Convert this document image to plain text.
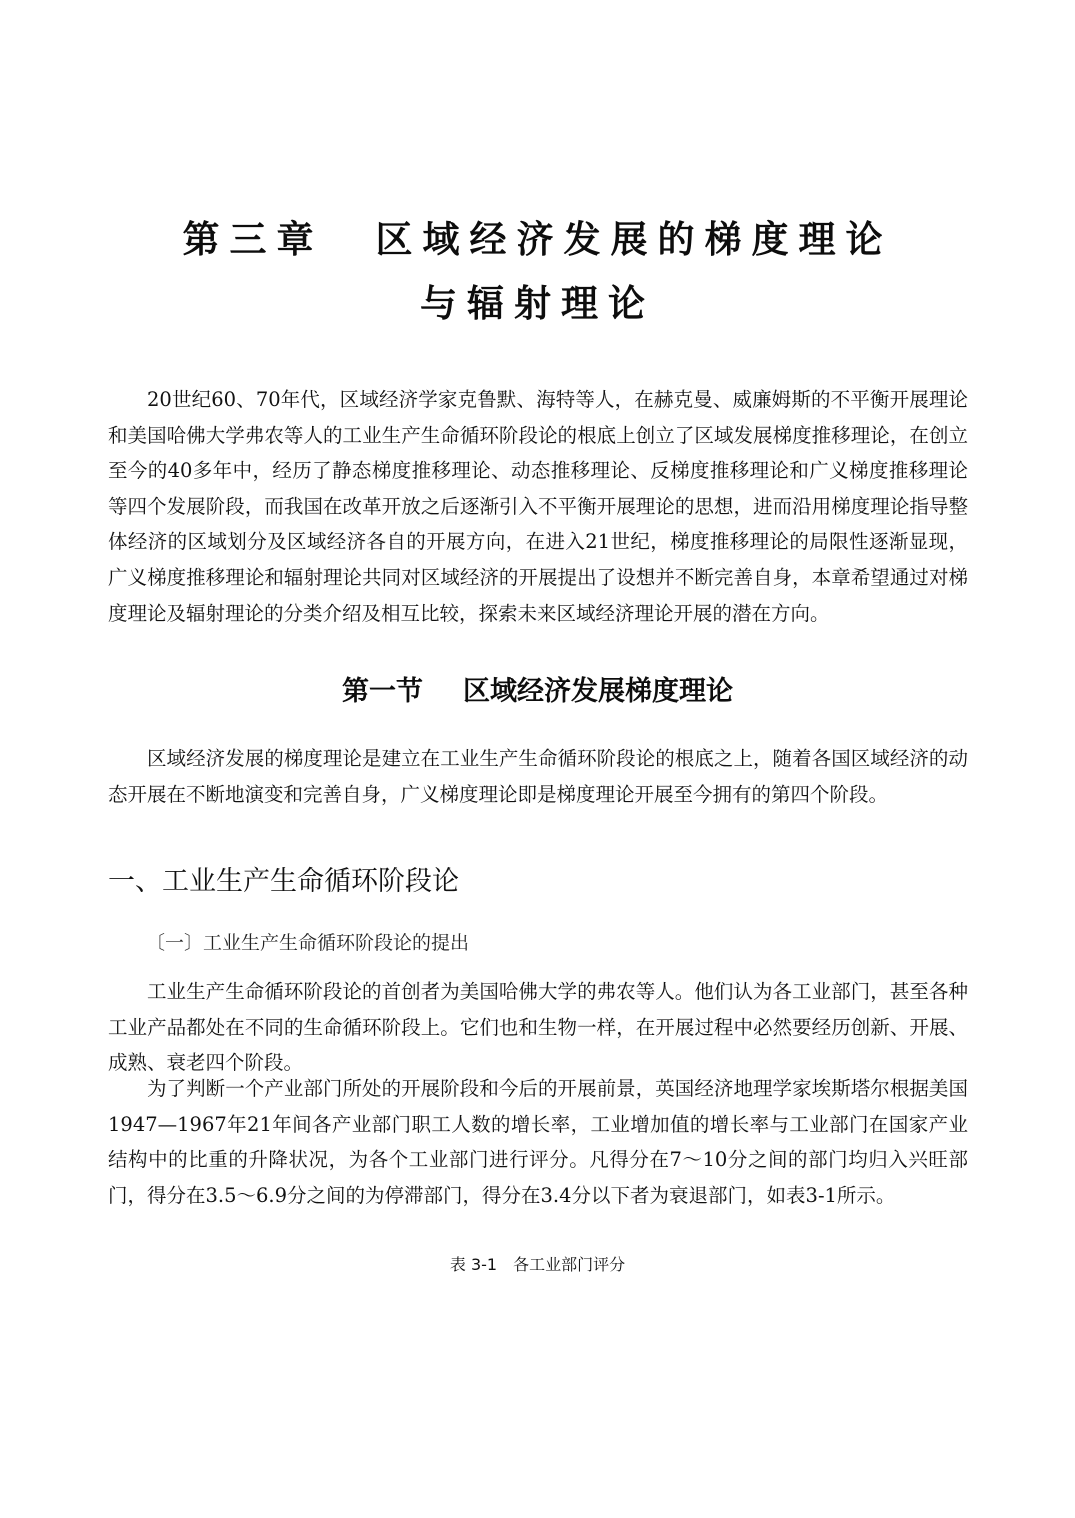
第三章 区域经济发展的梯度理论
与辐射理论

20世纪60、70年代，区域经济学家克鲁默、海特等人，在赫克曼、威廉姆斯的不平衡开展理论和美国哈佛大学弗农等人的工业生产生命循环阶段论的根底上创立了区域发展梯度推移理论，在创立至今的40多年中，经历了静态梯度推移理论、动态推移理论、反梯度推移理论和广义梯度推移理论等四个发展阶段，而我国在改革开放之后逐渐引入不平衡开展理论的思想，进而沿用梯度理论指导整体经济的区域划分及区域经济各自的开展方向，在进入21世纪，梯度推移理论的局限性逐渐显现，广义梯度推移理论和辐射理论共同对区域经济的开展提出了设想并不断完善自身，本章希望通过对梯度理论及辐射理论的分类介绍及相互比较，探索未来区域经济理论开展的潜在方向。

第一节 区域经济发展梯度理论

区域经济发展的梯度理论是建立在工业生产生命循环阶段论的根底之上，随着各国区域经济的动态开展在不断地演变和完善自身，广义梯度理论即是梯度理论开展至今拥有的第四个阶段。

一、工业生产生命循环阶段论
〔一〕工业生产生命循环阶段论的提出

工业生产生命循环阶段论的首创者为美国哈佛大学的弗农等人。他们认为各工业部门，甚至各种工业产品都处在不同的生命循环阶段上。它们也和生物一样，在开展过程中必然要经历创新、开展、成熟、衰老四个阶段。

为了判断一个产业部门所处的开展阶段和今后的开展前景，英国经济地理学家埃斯塔尔根据美国1947—1967年21年间各产业部门职工人数的增长率，工业增加值的增长率与工业部门在国家产业结构中的比重的升降状况，为各个工业部门进行评分。凡得分在7～10分之间的部门均归入兴旺部门，得分在3.5～6.9分之间的为停滞部门，得分在3.4分以下者为衰退部门，如表3-1所示。

表 3-1 各工业部门评分
